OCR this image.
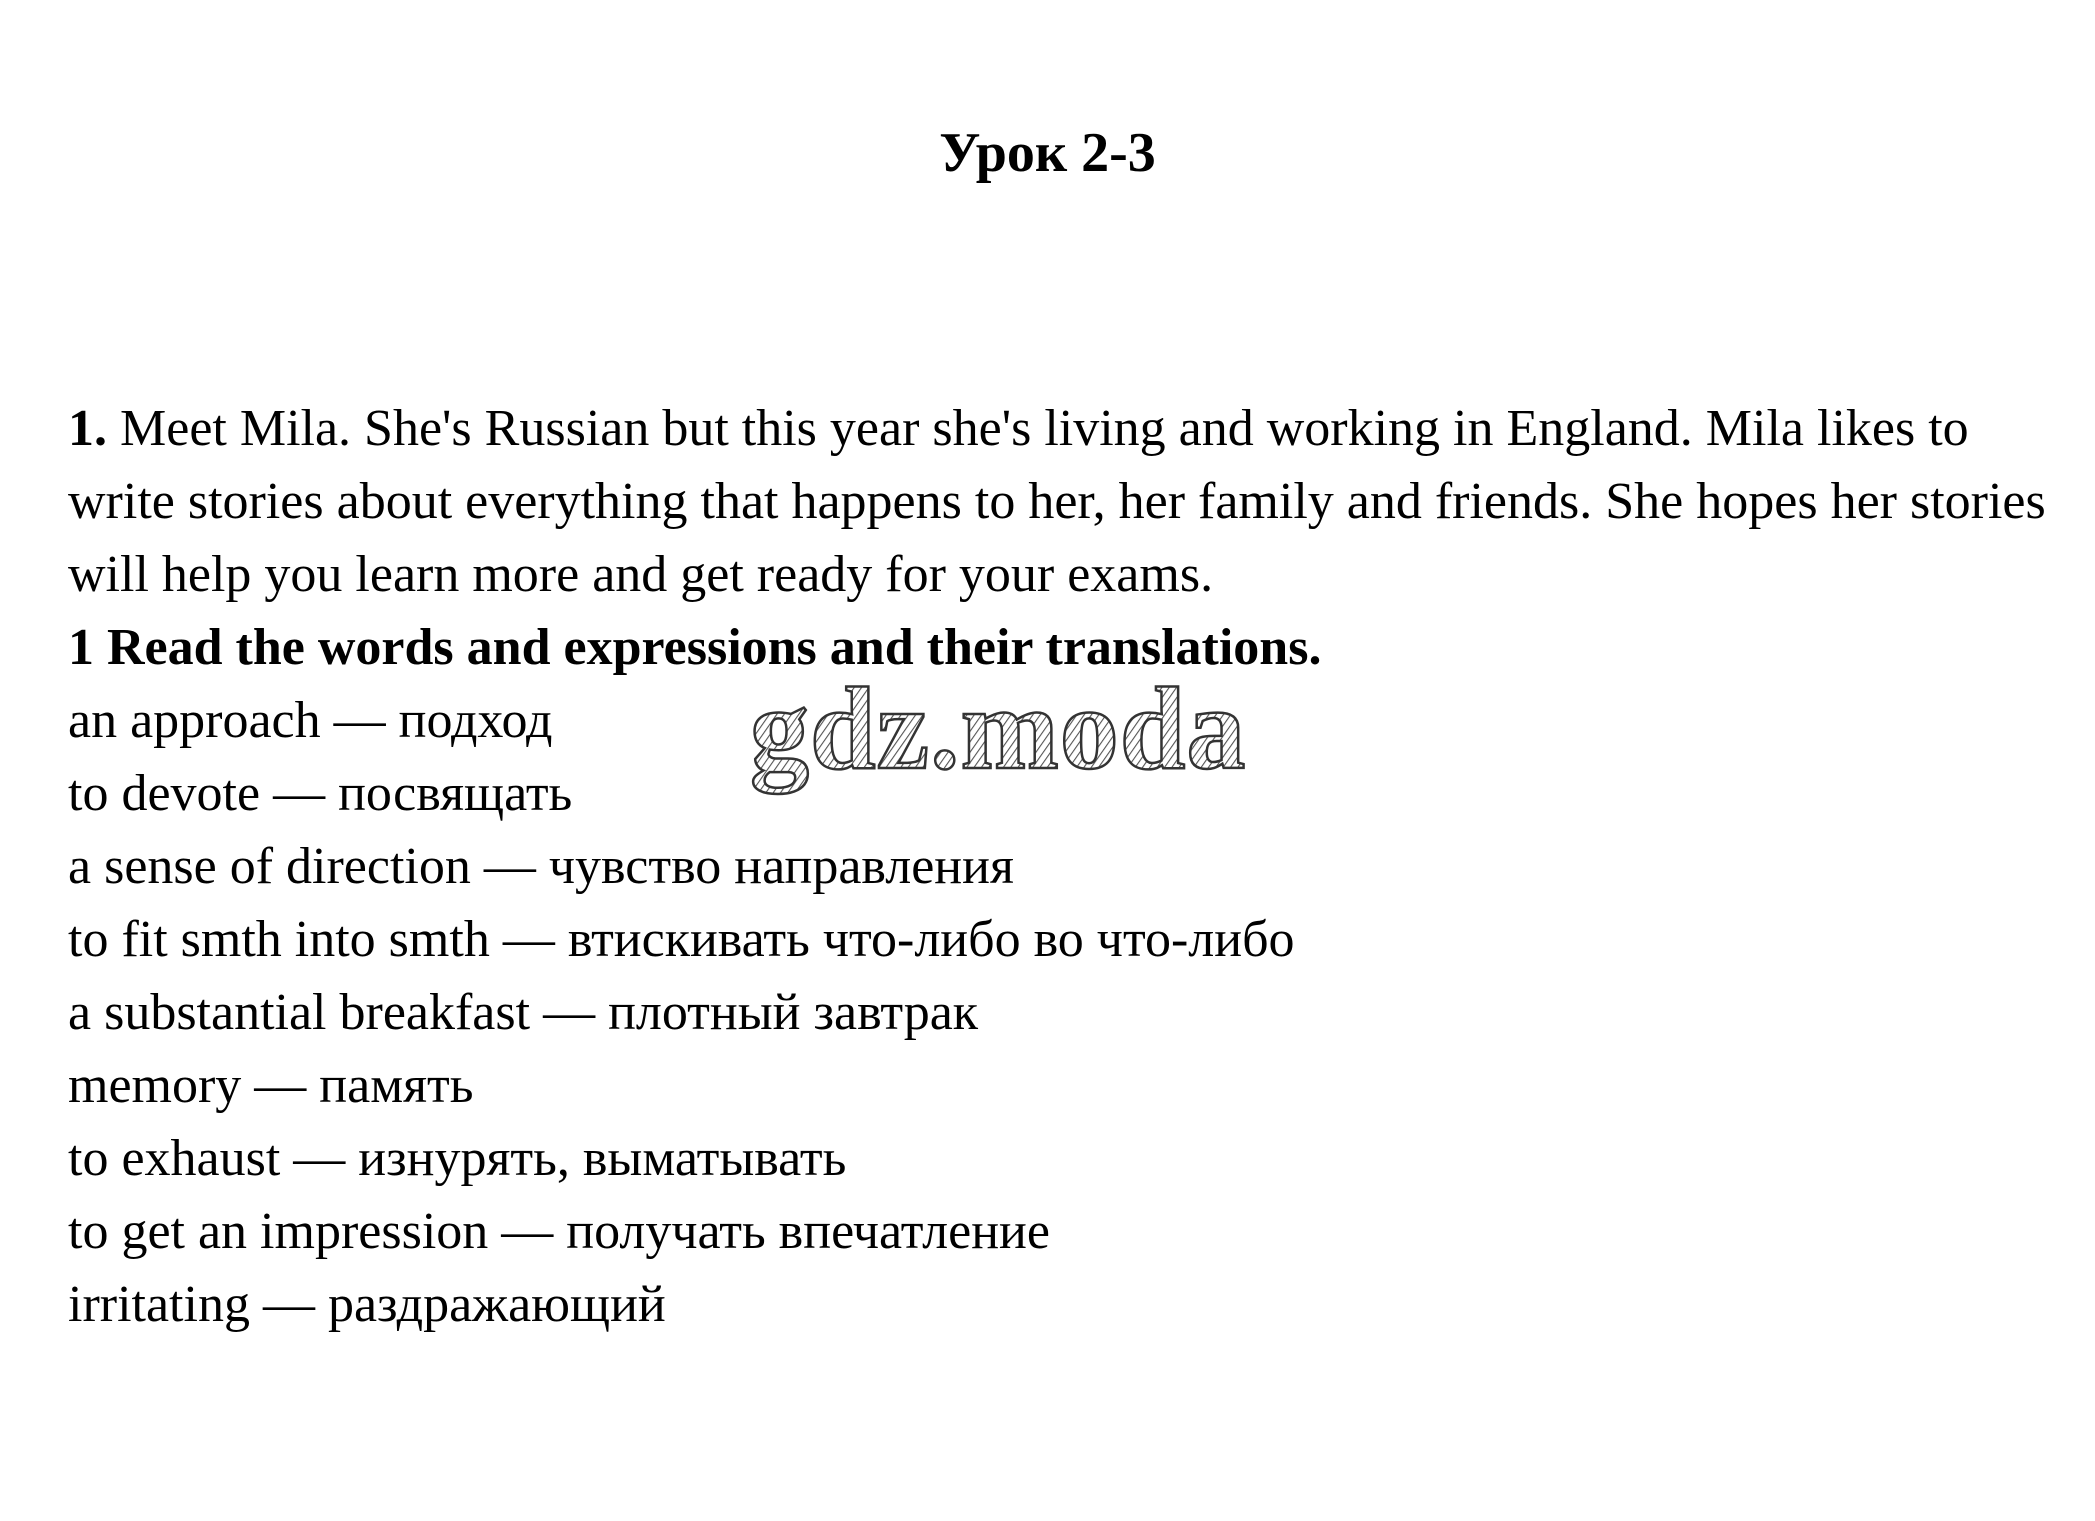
Урок 2-3
1. Meet Mila. She's Russian but this year she's living and working in England. Mila likes to write stories about everything that happens to her, her family and friends. She hopes her stories will help you learn more and get ready for your exams.
1 Read the words and expressions and their translations.
an approach — подход
to devote — посвящать
a sense of direction — чувство направления
to fit smth into smth — втискивать что-либо во что-либо
a substantial breakfast — плотный завтрак
memory — память
to exhaust — изнурять, выматывать
to get an impression — получать впечатление
irritating — раздражающий
gdz.moda
